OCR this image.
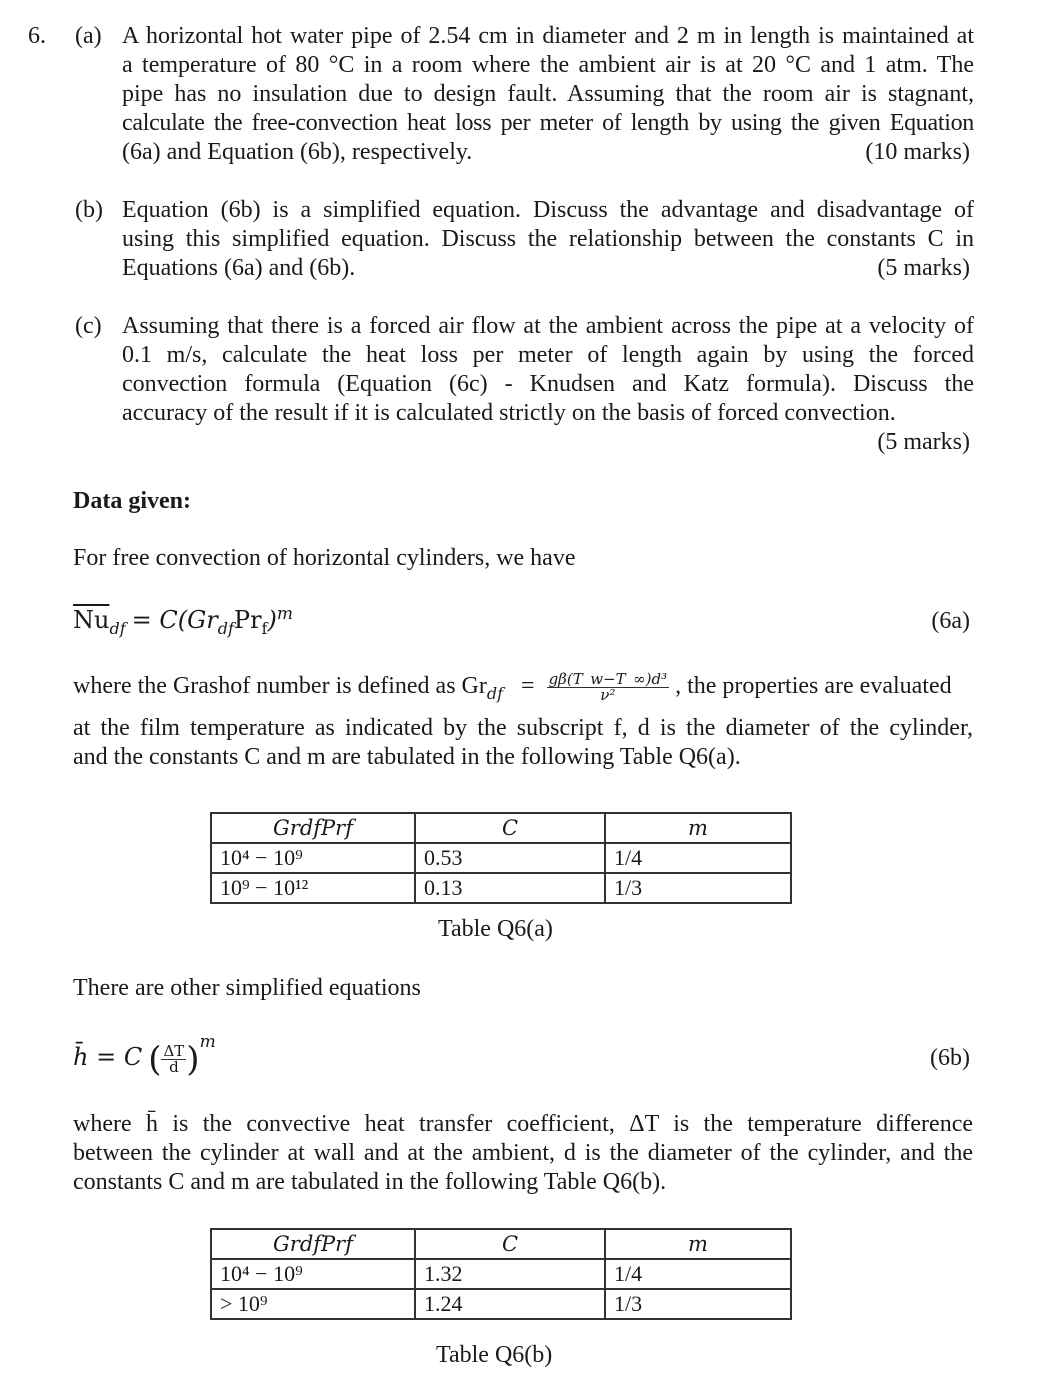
6. (a) A horizontal hot water pipe of 2.54 cm in diameter and 2 m in length is maintained at
a temperature of 80 °C in a room where the ambient air is at 20 °C and 1 atm. The
pipe has no insulation due to design fault. Assuming that the room air is stagnant,
calculate the free-convection heat loss per meter of length by using the given Equation
(6a) and Equation (6b), respectively.	(10 marks)
(b) Equation (6b) is a simplified equation. Discuss the advantage and disadvantage of
using this simplified equation. Discuss the relationship between the constants C in
Equations (6a) and (6b).	(5 marks)
(c) Assuming that there is a forced air flow at the ambient across the pipe at a velocity of
0.1 m/s, calculate the heat loss per meter of length again by using the forced
convection formula (Equation (6c) - Knudsen and Katz formula). Discuss the
accuracy of the result if it is calculated strictly on the basis of forced convection.
(5 marks)
Data given:
For free convection of horizontal cylinders, we have
$\overline{Nu}_{df} = C(Gr_{df}Pr_f)^m$	(6a)
where the Grashof number is defined as $Gr_{df} = \frac{\text{gβ(T\_w−T\_∞)d³}}{\text{ν²}}$ , the properties are evaluated
at the film temperature as indicated by the subscript f, d is the diameter of the cylinder,
and the constants C and m are tabulated in the following Table Q6(a).
GrdfPrf	C	m
10⁴ − 10⁹	0.53	1/4
10⁹ − 10¹²	0.13	1/3
Table Q6(a)
There are other simplified equations
h̄ = C ( $\frac{\Delta T}{d} )^m$
(6b)
where h̄ is the convective heat transfer coefficient, ΔT is the temperature difference
between the cylinder at wall and at the ambient, d is the diameter of the cylinder, and the
constants C and m are tabulated in the following Table Q6(b).
GrdfPrf	C	m
10⁴ − 10⁹	1.32	1/4
> 10⁹	1.24	1/3
Table Q6(b)
